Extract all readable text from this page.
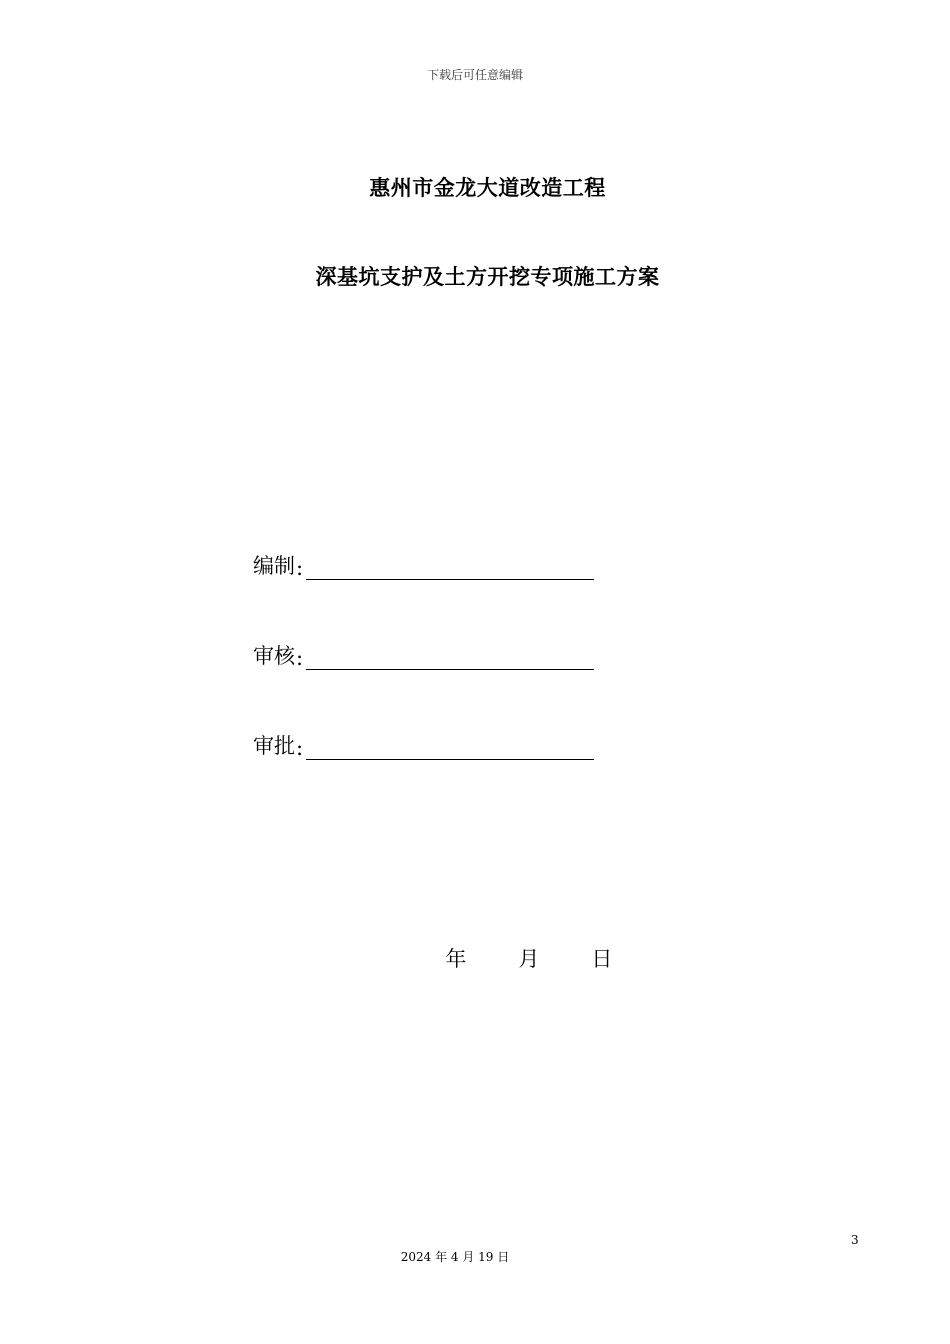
下载后可任意编辑
惠州市金龙大道改造工程
深基坑支护及土方开挖专项施工方案
编制 :
审核 :
审批 :

年 月 日

3
2024 年 4 月 19 日
